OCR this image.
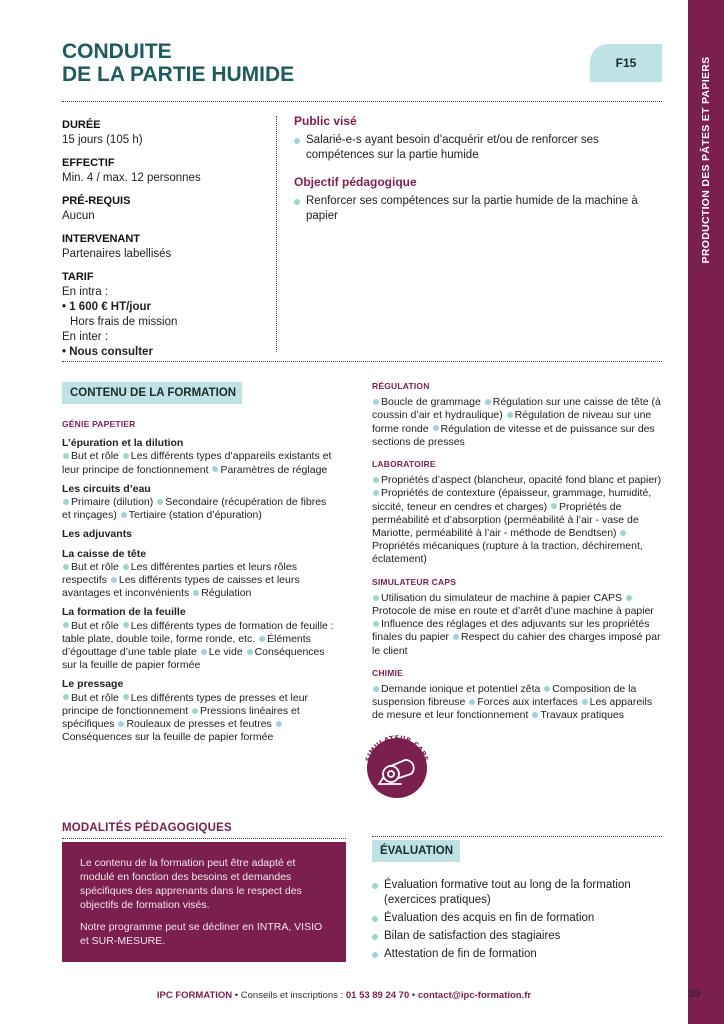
PRODUCTION DES PÂTES ET PAPIERS
CONDUITE
DE LA PARTIE HUMIDE	F15
DURÉE
15 jours (105 h)
EFFECTIF
Min. 4 / max. 12 personnes
PRÉ-REQUIS
Aucun
INTERVENANT
Partenaires labellisés
TARIF
En intra :
• 1 600 € HT/jour
Hors frais de mission
En inter :
• Nous consulter
Public visé
Salarié-e-s ayant besoin d’acquérir et/ou de renforcer ses compétences sur la partie humide
Objectif pédagogique
Renforcer ses compétences sur la partie humide de la machine à papier
CONTENU DE LA FORMATION
GÉNIE PAPETIER
L’épuration et la dilution
But et rôle Les différents types d’appareils existants et leur principe de fonctionnement Paramètres de réglage
Les circuits d’eau
Primaire (dilution) Secondaire (récupération de fibres et rinçages) Tertiaire (station d’épuration)
Les adjuvants
La caisse de tête
But et rôle Les différentes parties et leurs rôles respectifs Les différents types de caisses et leurs avantages et inconvénients Régulation
La formation de la feuille
But et rôle Les différents types de formation de feuille : table plate, double toile, forme ronde, etc. Éléments d’égouttage d’une table plate Le vide Conséquences sur la feuille de papier formée
Le pressage
But et rôle Les différents types de presses et leur principe de fonctionnement Pressions linéaires et spécifiques Rouleaux de presses et feutres Conséquences sur la feuille de papier formée
RÉGULATION
Boucle de grammage Régulation sur une caisse de tête (à coussin d’air et hydraulique) Régulation de niveau sur une forme ronde Régulation de vitesse et de puissance sur des sections de presses
LABORATOIRE
Propriétés d’aspect (blancheur, opacité fond blanc et papier) Propriétés de contexture (épaisseur, grammage, humidité, siccité, teneur en cendres et charges) Propriétés de perméabilité et d’absorption (perméabilité à l’air - vase de Mariotte, perméabilité à l’air - méthode de Bendtsen) Propriétés mécaniques (rupture à la traction, déchirement, éclatement)
SIMULATEUR CAPS
Utilisation du simulateur de machine à papier CAPS Protocole de mise en route et d’arrêt d’une machine à papier Influence des réglages et des adjuvants sur les propriétés finales du papier Respect du cahier des charges imposé par le client
CHIMIE
Demande ionique et potentiel zêta Composition de la suspension fibreuse Forces aux interfaces Les appareils de mesure et leur fonctionnement Travaux pratiques
SIMULATEUR CAPS
MODALITÉS PÉDAGOGIQUES

Le contenu de la formation peut être adapté et modulé en fonction des besoins et demandes spécifiques des apprenants dans le respect des objectifs de formation visés.

Notre programme peut se décliner en INTRA, VISIO et SUR-MESURE.

ÉVALUATION
Évaluation formative tout au long de la formation (exercices pratiques)
Évaluation des acquis en fin de formation
Bilan de satisfaction des stagiaires
Attestation de fin de formation
IPC FORMATION • Conseils et inscriptions : 01 53 89 24 70 • contact@ipc-formation.fr	39
